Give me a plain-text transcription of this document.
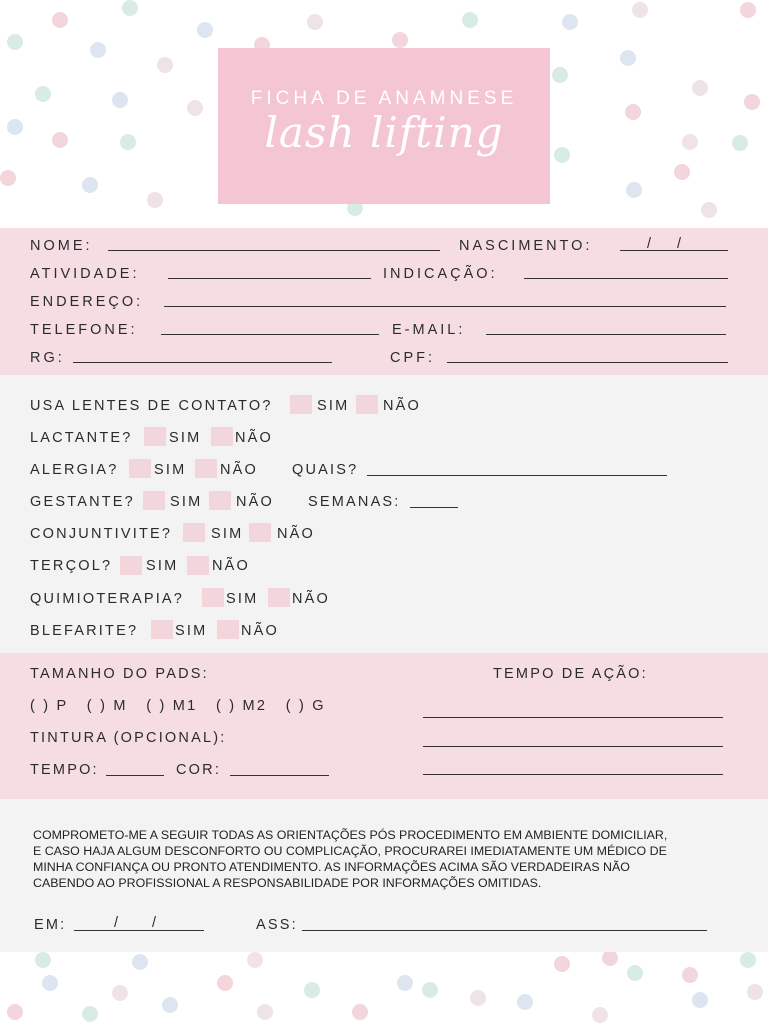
FICHA DE ANAMNESE
lash lifting
NOME:	NASCIMENTO:	/ /
ATIVIDADE:	INDICAÇÃO:
ENDEREÇO:
TELEFONE:	E-MAIL:
RG:	CPF:
USA LENTES DE CONTATO?	SIM NÃO
LACTANTE?	SIM NÃO
ALERGIA? SIM NÃO QUAIS?
GESTANTE? SIM NÃO SEMANAS:
CONJUNTIVITE?	SIM NÃO
TERÇOL? SIM NÃO
QUIMIOTERAPIA?	SIM NÃO
BLEFARITE?	SIM NÃO
TAMANHO DO PADS:	TEMPO DE AÇÃO:
( ) P   ( ) M   ( ) M1   ( ) M2   ( ) G
TINTURA (OPCIONAL):
TEMPO:	COR:
COMPROMETO-ME A SEGUIR TODAS AS ORIENTAÇÕES PÓS PROCEDIMENTO EM AMBIENTE DOMICILIAR,
E CASO HAJA ALGUM DESCONFORTO OU COMPLICAÇÃO, PROCURAREI IMEDIATAMENTE UM MÉDICO DE
MINHA CONFIANÇA OU PRONTO ATENDIMENTO. AS INFORMAÇÕES ACIMA SÃO VERDADEIRAS NÃO
CABENDO AO PROFISSIONAL A RESPONSABILIDADE POR INFORMAÇÕES OMITIDAS.
EM:	/ /	ASS:
